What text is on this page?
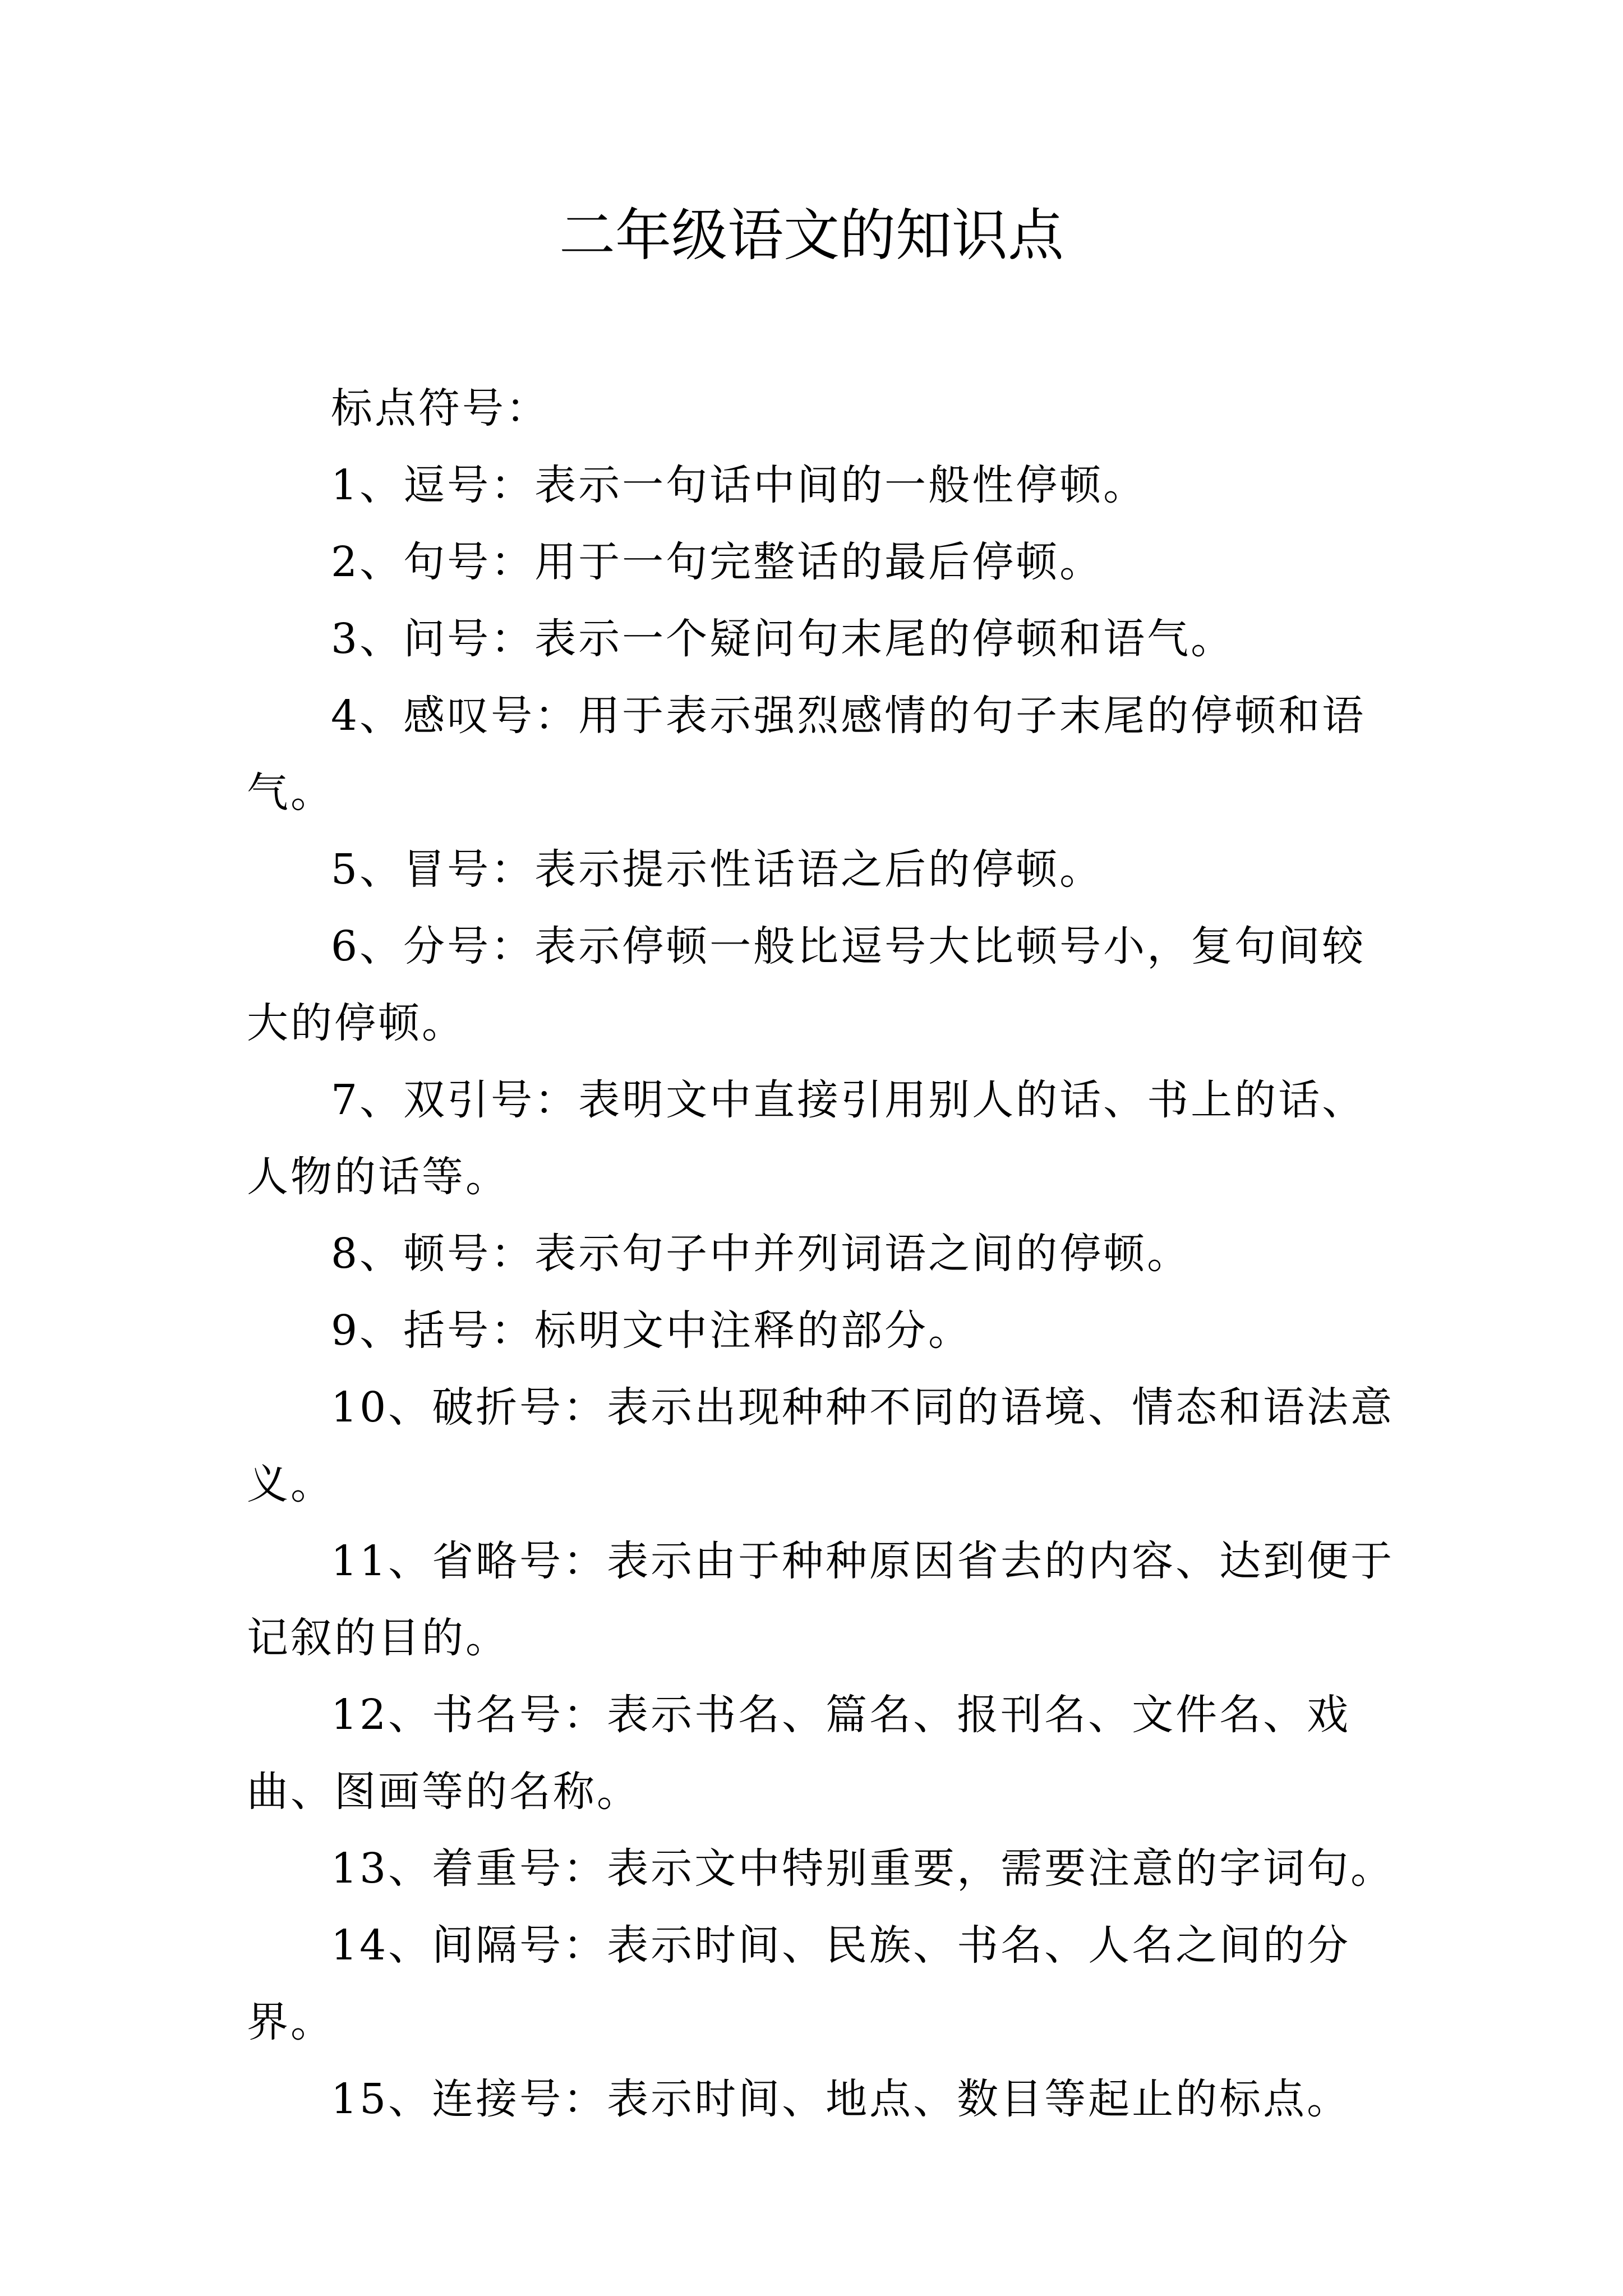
二年级语文的知识点

标点符号：

1、逗号：表示一句话中间的一般性停顿。

2、句号：用于一句完整话的最后停顿。

3、问号：表示一个疑问句末尾的停顿和语气。

4、感叹号：用于表示强烈感情的句子末尾的停顿和语气。

5、冒号：表示提示性话语之后的停顿。

6、分号：表示停顿一般比逗号大比顿号小，复句间较大的停顿。

7、双引号：表明文中直接引用别人的话、书上的话、人物的话等。

8、顿号：表示句子中并列词语之间的停顿。

9、括号：标明文中注释的部分。

10、破折号：表示出现种种不同的语境、情态和语法意义。

11、省略号：表示由于种种原因省去的内容、达到便于记叙的目的。

12、书名号：表示书名、篇名、报刊名、文件名、戏曲、图画等的名称。

13、着重号：表示文中特别重要，需要注意的字词句。

14、间隔号：表示时间、民族、书名、人名之间的分界。

15、连接号：表示时间、地点、数目等起止的标点。
